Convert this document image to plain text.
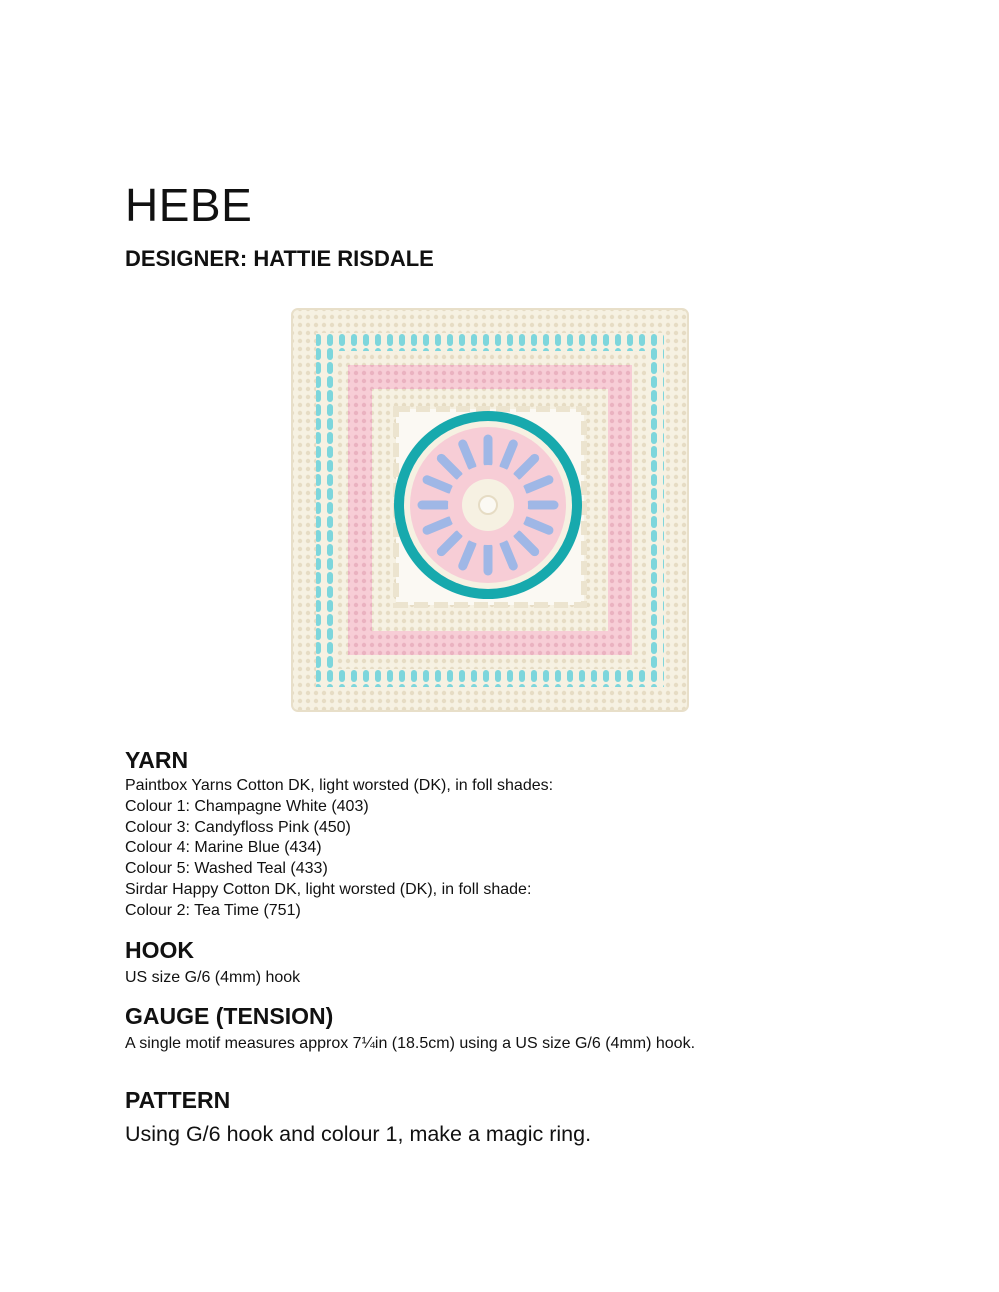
HEBE
DESIGNER: HATTIE RISDALE
YARN
Paintbox Yarns Cotton DK, light worsted (DK), in foll shades:
Colour 1: Champagne White (403)
Colour 3: Candyfloss Pink (450)
Colour 4: Marine Blue (434)
Colour 5: Washed Teal (433)
Sirdar Happy Cotton DK, light worsted (DK), in foll shade:
Colour 2: Tea Time (751)
HOOK

US size G/6 (4mm) hook

GAUGE (TENSION)

A single motif measures approx 7¼in (18.5cm) using a US size G/6 (4mm) hook.

PATTERN

Using G/6 hook and colour 1, make a magic ring.
